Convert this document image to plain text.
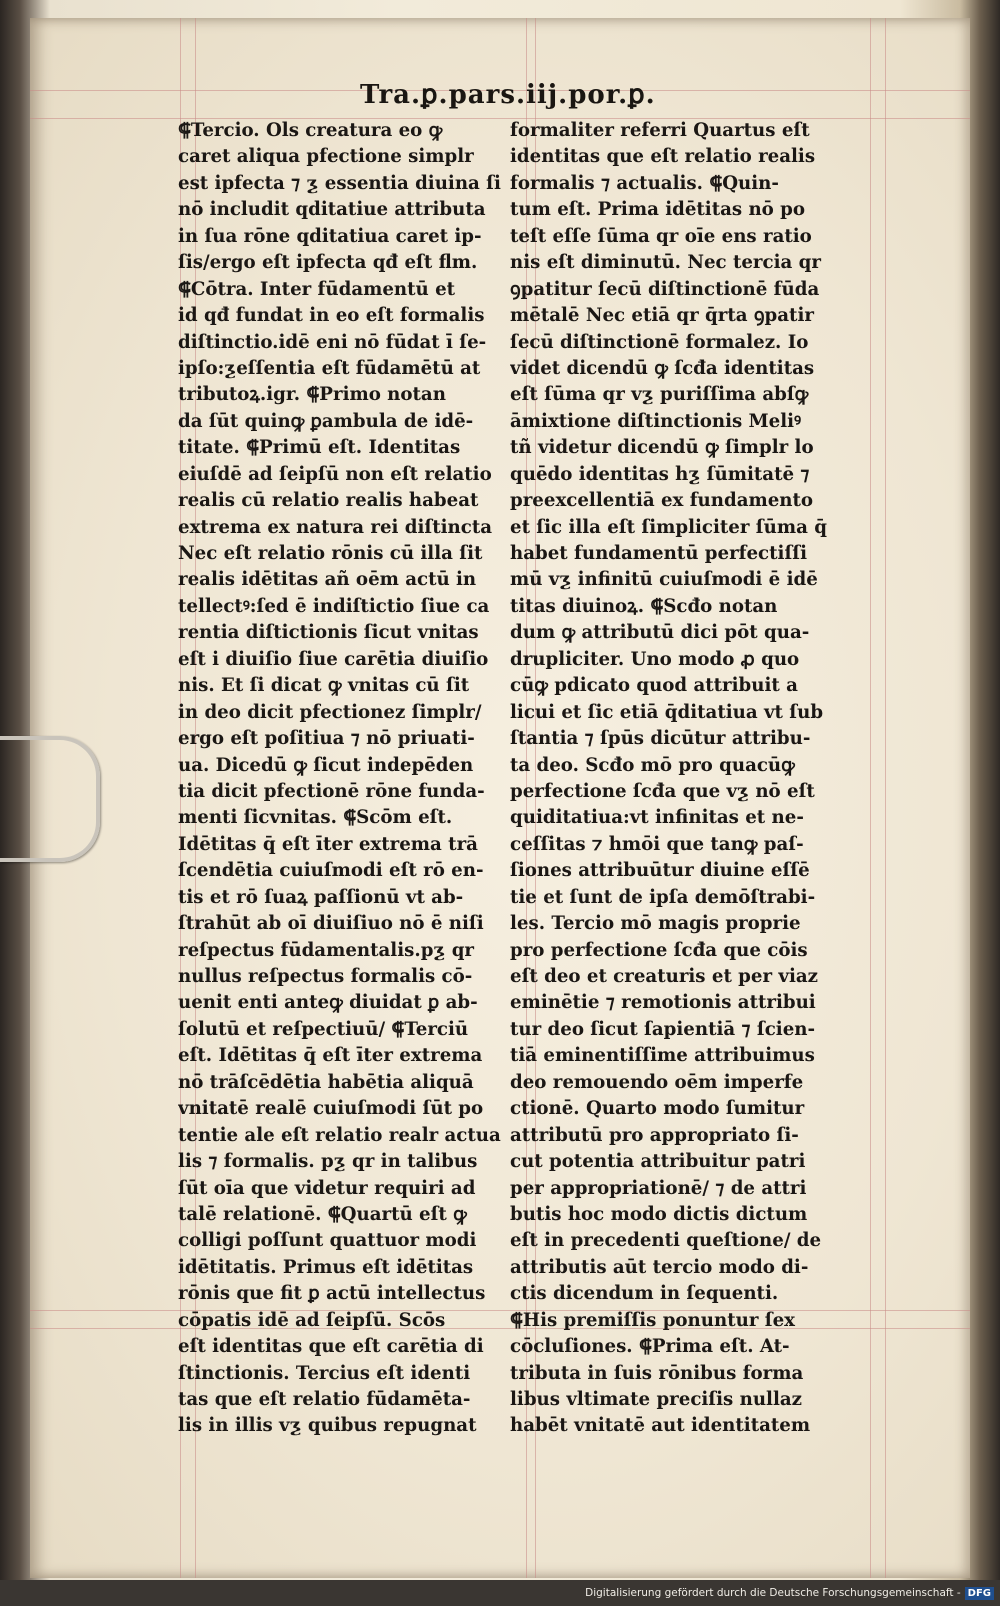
Tra.ꝑ.pars.iij.por.ꝑ.
⸿Tercio. Ols creatura eo ꝙ
caret aliqua pfectione simplr
est ipfecta ⁊ ƺ essentia diuina ſi
nō includit qditatiue attributa
in ſua rōne qditatiua caret ip-
ſis/ergo eſt ipfecta qđ eſt flm.
⸿Cōtra. Inter fūdamentū et
id qđ fundat in eo eſt formalis
diſtinctio.idē eni nō fūdat ī ſe-
ipſo:ƺeſſentia eſt fūdamētū at
tributoꝝ.igr. ⸿Primo notan
da ſūt quinꝙ ꝑambula de idē-
titate. ⸿Primū eſt. Identitas
eiuſdē ad ſeipſū non eſt relatio
realis cū relatio realis habeat
extrema ex natura rei diſtincta
Nec eſt relatio rōnis cū illa ſit
realis idētitas añ oēm actū in
tellectꝰ:ſed ē indiſtictio ſiue ca
rentia diſtictionis ſicut vnitas
eſt i diuiſio ſiue carētia diuiſio
nis. Et ſi dicat ꝙ vnitas cū ſit
in deo dicit pfectionez ſimplr/
ergo eſt poſitiua ⁊ nō priuati-
ua. Dicedū ꝙ ſicut indepēden
tia dicit pfectionē rōne funda-
menti ſicvnitas. ⸿Scōm eſt.
Idētitas q̄ eſt īter extrema trā
ſcendētia cuiuſmodi eſt rō en-
tis et rō ſuaꝝ paſſionū vt ab-
ſtrahūt ab oī diuiſiuo nō ē niſi
reſpectus fūdamentalis.pƺ qr
nullus reſpectus formalis cō-
uenit enti anteꝙ diuidat ꝑ ab-
ſolutū et reſpectiuū/ ⸿Terciū
eſt. Idētitas q̄ eſt īter extrema
nō trāſcēdētia habētia aliquā
vnitatē realē cuiuſmodi ſūt po
tentie ale eſt relatio realr actua
lis ⁊ formalis. pƺ qr in talibus
ſūt oīa que videtur requiri ad
talē relationē. ⸿Quartū eſt ꝙ
colligi poſſunt quattuor modi
idētitatis. Primus eſt idētitas
rōnis que fit ꝑ actū intellectus
cōpatis idē ad ſeipſū. Scōs
eſt identitas que eſt carētia di
ſtinctionis. Tercius eſt identi
tas que eſt relatio fūdamēta-
lis in illis vƺ quibus repugnat
formaliter referri Quartus eſt
identitas que eſt relatio realis
formalis ⁊ actualis. ⸿Quin-
tum eſt. Prima idētitas nō po
teſt eſſe ſūma qr oīe ens ratio
nis eſt diminutū. Nec tercia qr
ꝯpatitur ſecū diſtinctionē fūda
mētalē Nec etiā qr q̄rta ꝯpatir
ſecū diſtinctionē formalez. Io
videt dicendū ꝙ ſcđa identitas
eſt ſūma qr vƺ puriſſima abſꝙ
āmixtione diſtinctionis Meliꝰ
tñ videtur dicendū ꝙ ſimplr lo
quēdo identitas hƺ ſūmitatē ⁊
preexcellentiā ex fundamento
et ſic illa eſt ſimpliciter ſūma q̄
habet fundamentū perfectiſſi
mū vƺ infinitū cuiuſmodi ē idē
titas diuinoꝝ. ⸿Scđo notan
dum ꝙ attributū dici pōt qua-
drupliciter. Uno modo ꝓ quo
cūꝙ pdicato quod attribuit a
licui et ſic etiā q̄ditatiua vt ſub
ſtantia ⁊ ſpūs dicūtur attribu-
ta deo. Scđo mō pro quacūꝙ
perfectione ſcđa que vƺ nō eſt
quiditatiua:vt infinitas et ne-
ceſſitas ⁊ hmōi que tanꝙ paſ-
ſiones attribuūtur diuine eſſē
tie et ſunt de ipſa demōſtrabi-
les. Tercio mō magis proprie
pro perfectione ſcđa que cōis
eſt deo et creaturis et per viaz
eminētie ⁊ remotionis attribui
tur deo ſicut ſapientiā ⁊ ſcien-
tiā eminentiſſime attribuimus
deo remouendo oēm imperfe
ctionē. Quarto modo ſumitur
attributū pro appropriato ſi-
cut potentia attribuitur patri
per appropriationē/ ⁊ de attri
butis hoc modo dictis dictum
eſt in precedenti queſtione/ de
attributis aūt tercio modo di-
ctis dicendum in ſequenti.
⸿His premiſſis ponuntur ſex
cōcluſiones. ⸿Prima eſt. At-
tributa in ſuis rōnibus forma
libus vltimate preciſis nullaz
habēt vnitatē aut identitatem
Digitalisierung gefördert durch die Deutsche Forschungsgemeinschaft - DFG
